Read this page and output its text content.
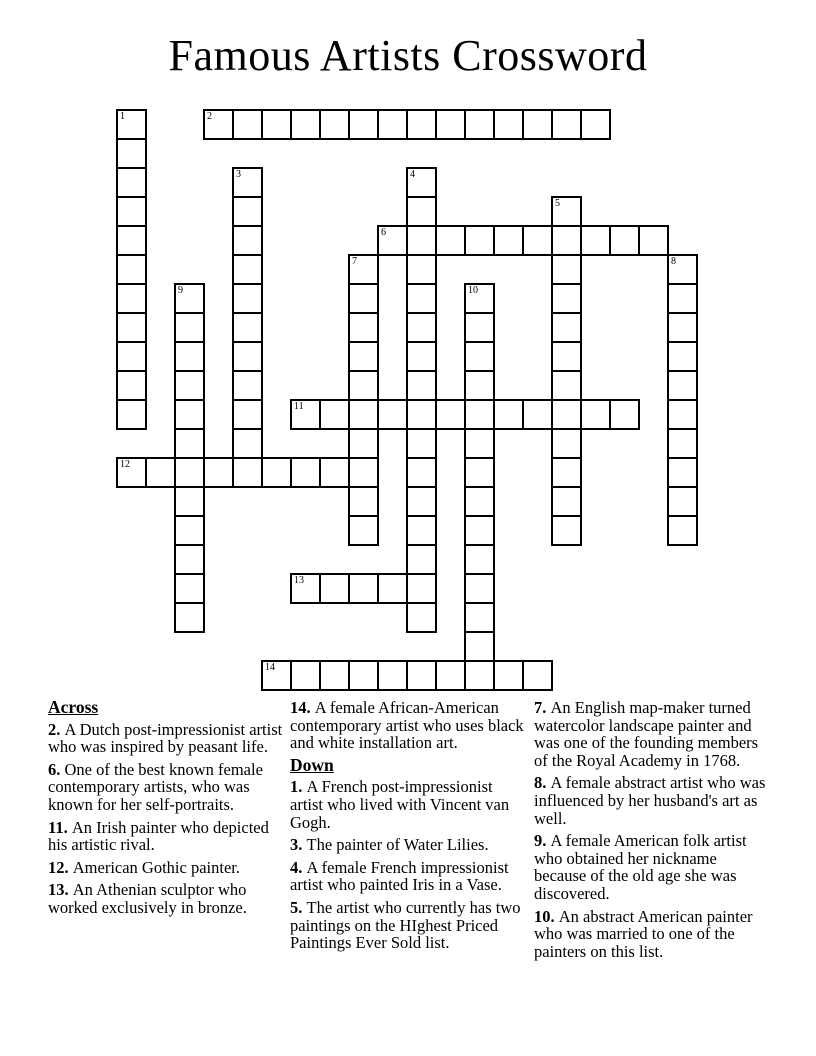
Famous Artists Crossword
1	2
3	4
5
6
7	8
9	10
11
12
13
14
Across

2. A Dutch post-impressionist artist who was inspired by peasant life.

6. One of the best known female contemporary artists, who was known for her self-portraits.

11. An Irish painter who depicted his artistic rival.

12. American Gothic painter.

13. An Athenian sculptor who worked exclusively in bronze.

14. A female African-American contemporary artist who uses black and white installation art.

Down

1. A French post-impressionist artist who lived with Vincent van Gogh.

3. The painter of Water Lilies.

4. A female French impressionist artist who painted Iris in a Vase.

5. The artist who currently has two paintings on the HIghest Priced Paintings Ever Sold list.

7. An English map-maker turned watercolor landscape painter and was one of the founding members of the Royal Academy in 1768.

8. A female abstract artist who was influenced by her husband's art as well.

9. A female American folk artist who obtained her nickname because of the old age she was discovered.

10. An abstract American painter who was married to one of the painters on this list.
